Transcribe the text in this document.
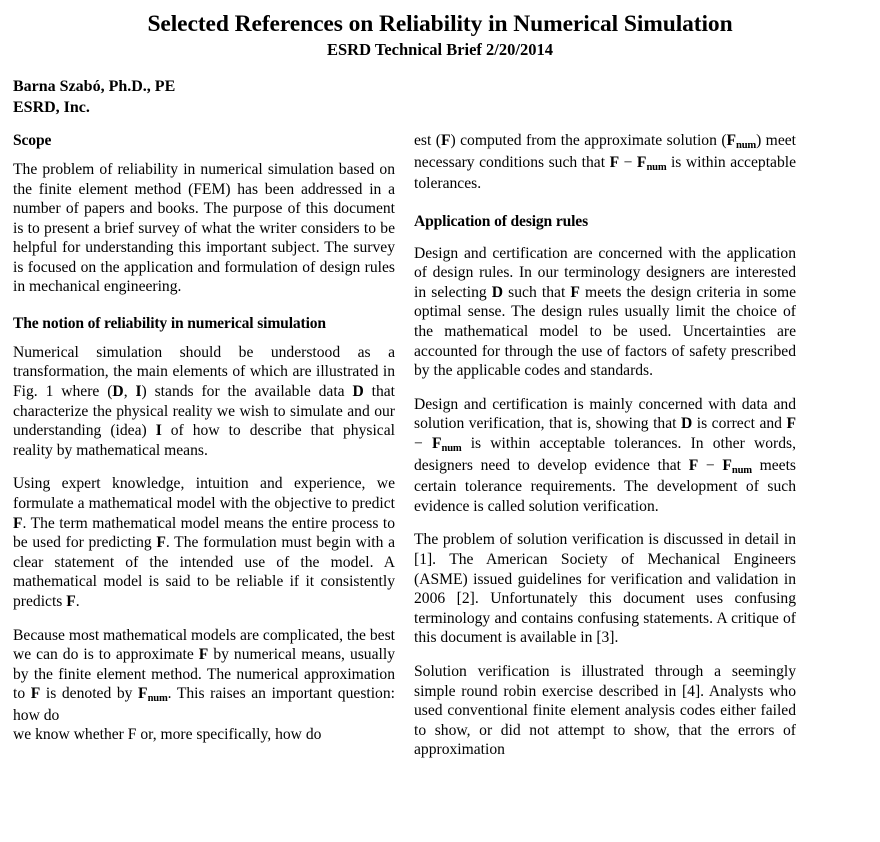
Selected References on Reliability in Numerical Simulation
ESRD Technical Brief 2/20/2014
Barna Szabó, Ph.D., PE
ESRD, Inc.
Scope

The problem of reliability in numerical simulation based on the finite element method (FEM) has been addressed in a number of papers and books. The purpose of this document is to present a brief survey of what the writer considers to be helpful for understanding this important subject. The survey is focused on the application and formulation of design rules in mechanical engineering.

The notion of reliability in numerical simulation

Numerical simulation should be understood as a transformation, the main elements of which are illustrated in Fig. 1 where (D, I) stands for the available data D that characterize the physical reality we wish to simulate and our understanding (idea) I of how to describe that physical reality by mathematical means.

Using expert knowledge, intuition and experience, we formulate a mathematical model with the objective to predict F. The term mathematical model means the entire process to be used for predicting F. The formulation must begin with a clear statement of the intended use of the model. A mathematical model is said to be reliable if it consistently predicts F.

Because most mathematical models are complicated, the best we can do is to approximate F by numerical means, usually by the finite element method. The numerical approximation to F is denoted by $F_{num}$. This raises an important question: how do

we know whether F or, more specifically, how do

est (F) computed from the approximate solution $(F_{num})$ meet necessary conditions such that $F - F_{num}$ is within acceptable tolerances.

Application of design rules

Design and certification are concerned with the application of design rules. In our terminology designers are interested in selecting D such that F meets the design criteria in some optimal sense. The design rules usually limit the choice of the mathematical model to be used. Uncertainties are accounted for through the use of factors of safety prescribed by the applicable codes and standards.

Design and certification is mainly concerned with data and solution verification, that is, showing that D is correct and $F - F_{num}$ is within acceptable tolerances. In other words, designers need to develop evidence that $F - F_{num}$ meets certain tolerance requirements. The development of such evidence is called solution verification.

The problem of solution verification is discussed in detail in [1]. The American Society of Mechanical Engineers (ASME) issued guidelines for verification and validation in 2006 [2]. Unfortunately this document uses confusing terminology and contains confusing statements. A critique of this document is available in [3].

Solution verification is illustrated through a seemingly simple round robin exercise described in [4]. Analysts who used conventional finite element analysis codes either failed to show, or did not attempt to show, that the errors of approximation
